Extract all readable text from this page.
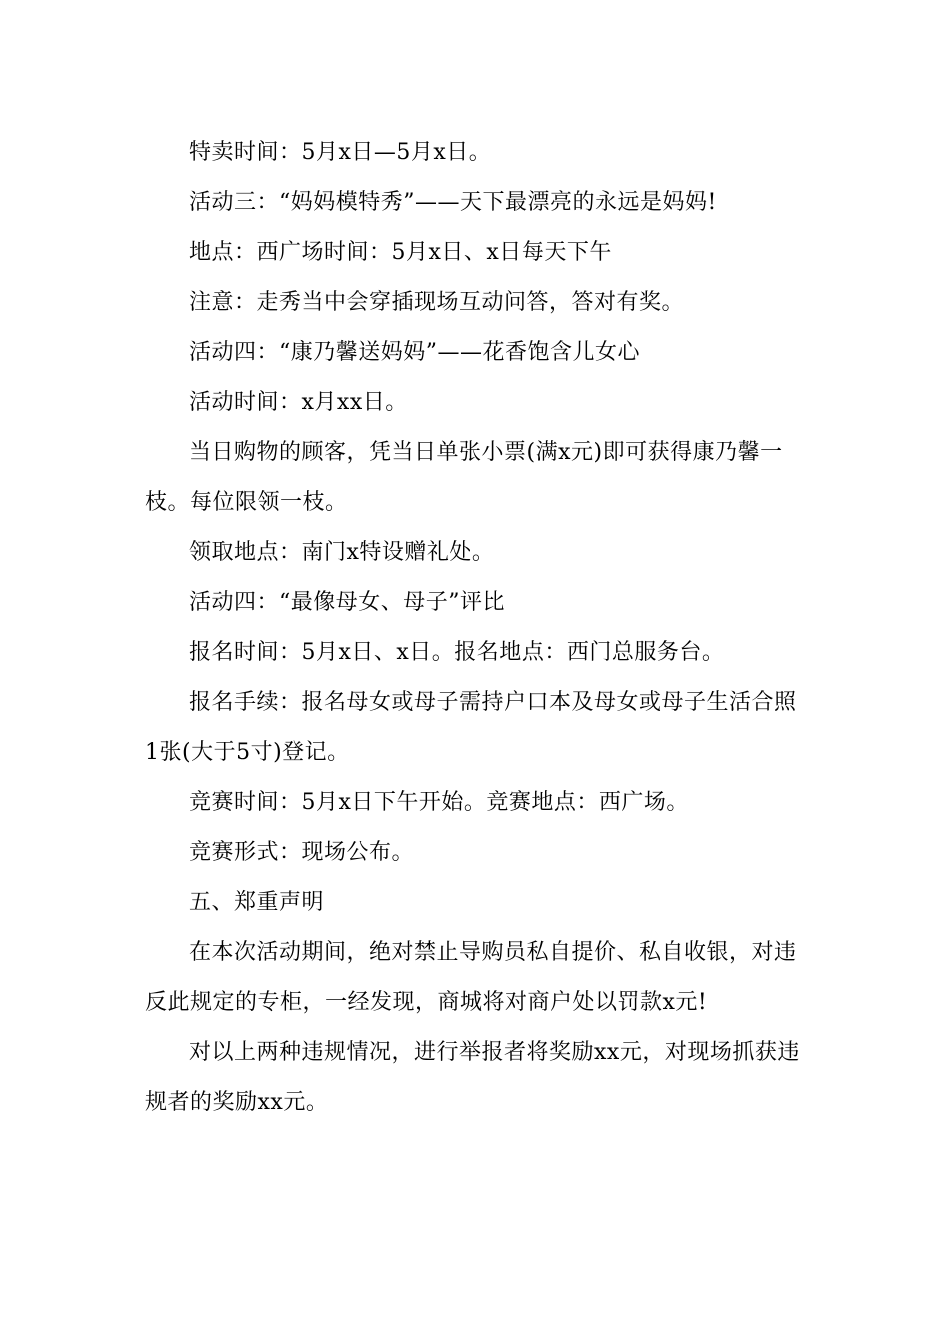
特卖时间：5月x日—5月x日。

活动三：“妈妈模特秀”——天下最漂亮的永远是妈妈!

地点：西广场时间：5月x日、x日每天下午

注意：走秀当中会穿插现场互动问答，答对有奖。

活动四：“康乃馨送妈妈”——花香饱含儿女心

活动时间：x月xx日。

当日购物的顾客，凭当日单张小票(满x元)即可获得康乃馨一枝。每位限领一枝。

领取地点：南门x特设赠礼处。

活动四：“最像母女、母子”评比

报名时间：5月x日、x日。报名地点：西门总服务台。

报名手续：报名母女或母子需持户口本及母女或母子生活合照1张(大于5寸)登记。

竞赛时间：5月x日下午开始。竞赛地点：西广场。

竞赛形式：现场公布。

五、郑重声明

在本次活动期间，绝对禁止导购员私自提价、私自收银，对违反此规定的专柜，一经发现，商城将对商户处以罚款x元!

对以上两种违规情况，进行举报者将奖励xx元，对现场抓获违规者的奖励xx元。
